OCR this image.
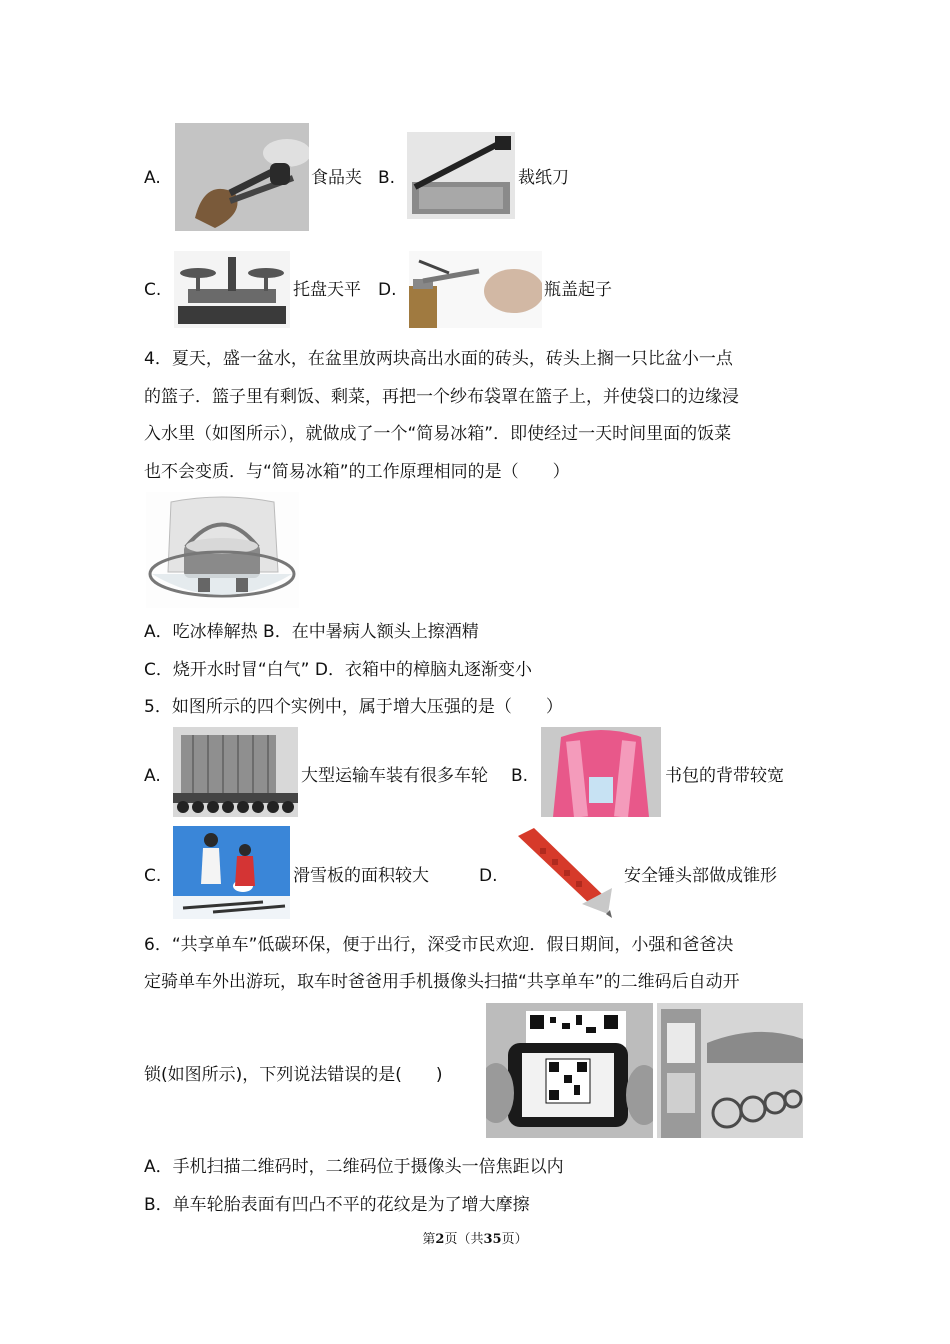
A.	食品夹 B.	裁纸刀
C.	托盘天平 D.	瓶盖起子
4．夏天，盛一盆水，在盆里放两块高出水面的砖头，砖头上搁一只比盆小一点
的篮子．篮子里有剩饭、剩菜，再把一个纱布袋罩在篮子上，并使袋口的边缘浸
入水里（如图所示），就做成了一个“简易冰箱”．即使经过一天时间里面的饭菜
也不会变质．与“简易冰箱”的工作原理相同的是（　　）
A．吃冰棒解热 B．在中暑病人额头上擦酒精
C．烧开水时冒“白气” D．衣箱中的樟脑丸逐渐变小
5．如图所示的四个实例中，属于增大压强的是（　　）
A.	大型运输车装有很多车轮 B.	书包的背带较宽
C.	滑雪板的面积较大	D.	安全锤头部做成锥形
6．“共享单车”低碳环保，便于出行，深受市民欢迎．假日期间，小强和爸爸决
定骑单车外出游玩，取车时爸爸用手机摄像头扫描“共享单车”的二维码后自动开
锁(如图所示)，下列说法错误的是(　　)
A．手机扫描二维码时，二维码位于摄像头一倍焦距以内
B．单车轮胎表面有凹凸不平的花纹是为了增大摩擦
第2页（共35页）
